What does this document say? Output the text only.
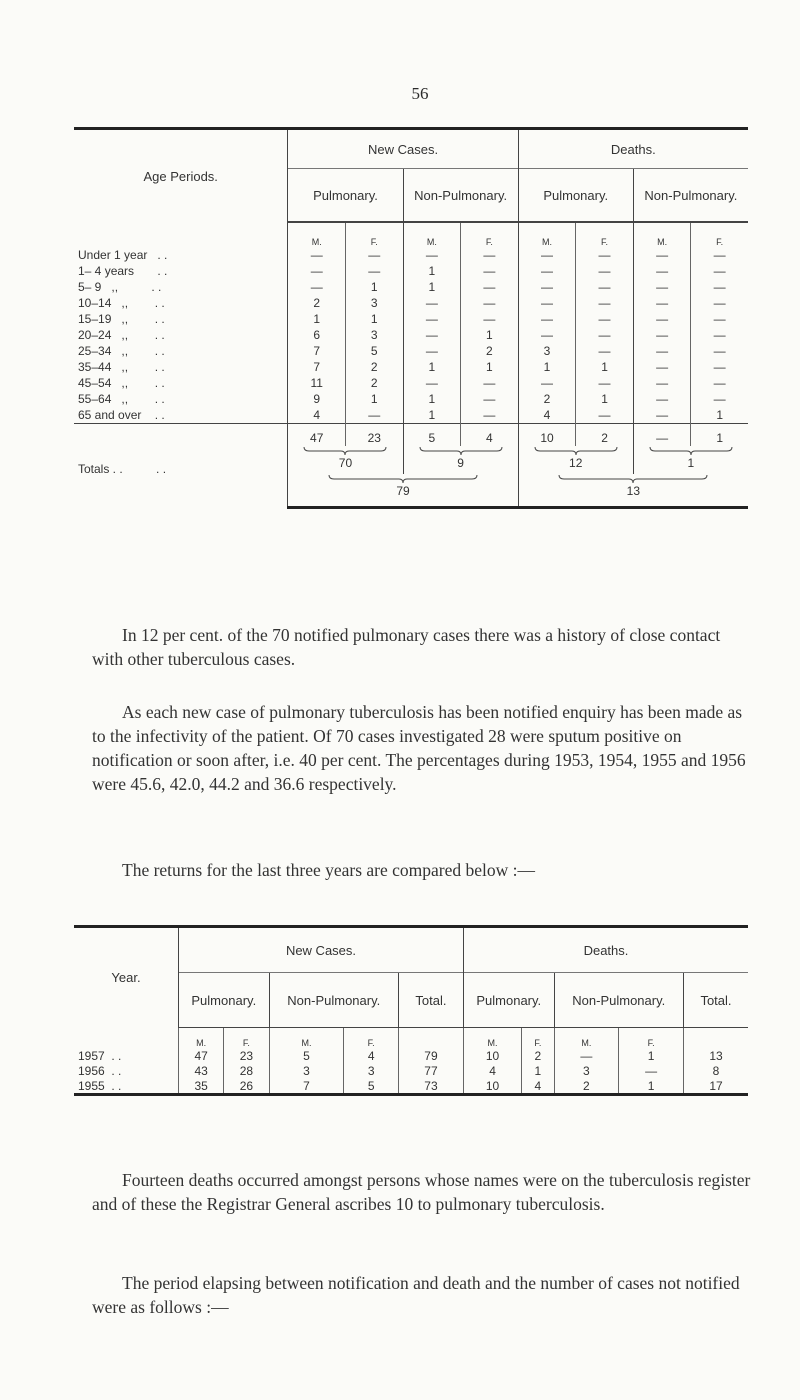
56
Age Periods.	New Cases.				Deaths.			
	Pulmonary.		Non-Pulmonary.		Pulmonary.		Non-Pulmonary.	
	M.	F.	M.	F.	M.	F.	M.	F.
Under 1 year   . .	—	—	—	—	—	—	—	—
1– 4 years       . .	—	—	1	—	—	—	—	—
5– 9   ,,          . .	—	1	1	—	—	—	—	—
10–14   ,,        . .	2	3	—	—	—	—	—	—
15–19   ,,        . .	1	1	—	—	—	—	—	—
20–24   ,,        . .	6	3	—	1	—	—	—	—
25–34   ,,        . .	7	5	—	2	3	—	—	—
35–44   ,,        . .	7	2	1	1	1	1	—	—
45–54   ,,        . .	11	2	—	—	—	—	—	—
55–64   ,,        . .	9	1	1	—	2	1	—	—
65 and over    . .	4	—	1	—	4	—	—	1
Totals . .          . .	47	23	5	4	10	2	—	1

	70		9		12		1	

	79				13			

In 12 per cent. of the 70 notified pulmonary cases there was a history of close contact with other tuberculous cases.

As each new case of pulmonary tuberculosis has been notified enquiry has been made as to the infectivity of the patient. Of 70 cases investigated 28 were sputum positive on notification or soon after, i.e. 40 per cent. The percentages during 1953, 1954, 1955 and 1956 were 45.6, 42.0, 44.2 and 36.6 respectively.

The returns for the last three years are compared below :—

Year.	New Cases.					Deaths.				
	Pulmonary.		Non-Pulmonary.		Total.	Pulmonary.		Non-Pulmonary.		Total.
	M.	F.	M.	F.		M.	F.	M.	F.	
1957  . .	47	23	5	4	79	10	2	—	1	13
1956  . .	43	28	3	3	77	4	1	3	—	8
1955  . .	35	26	7	5	73	10	4	2	1	17

Fourteen deaths occurred amongst persons whose names were on the tuberculosis register and of these the Registrar General ascribes 10 to pulmonary tuberculosis.

The period elapsing between notification and death and the number of cases not notified were as follows :—
